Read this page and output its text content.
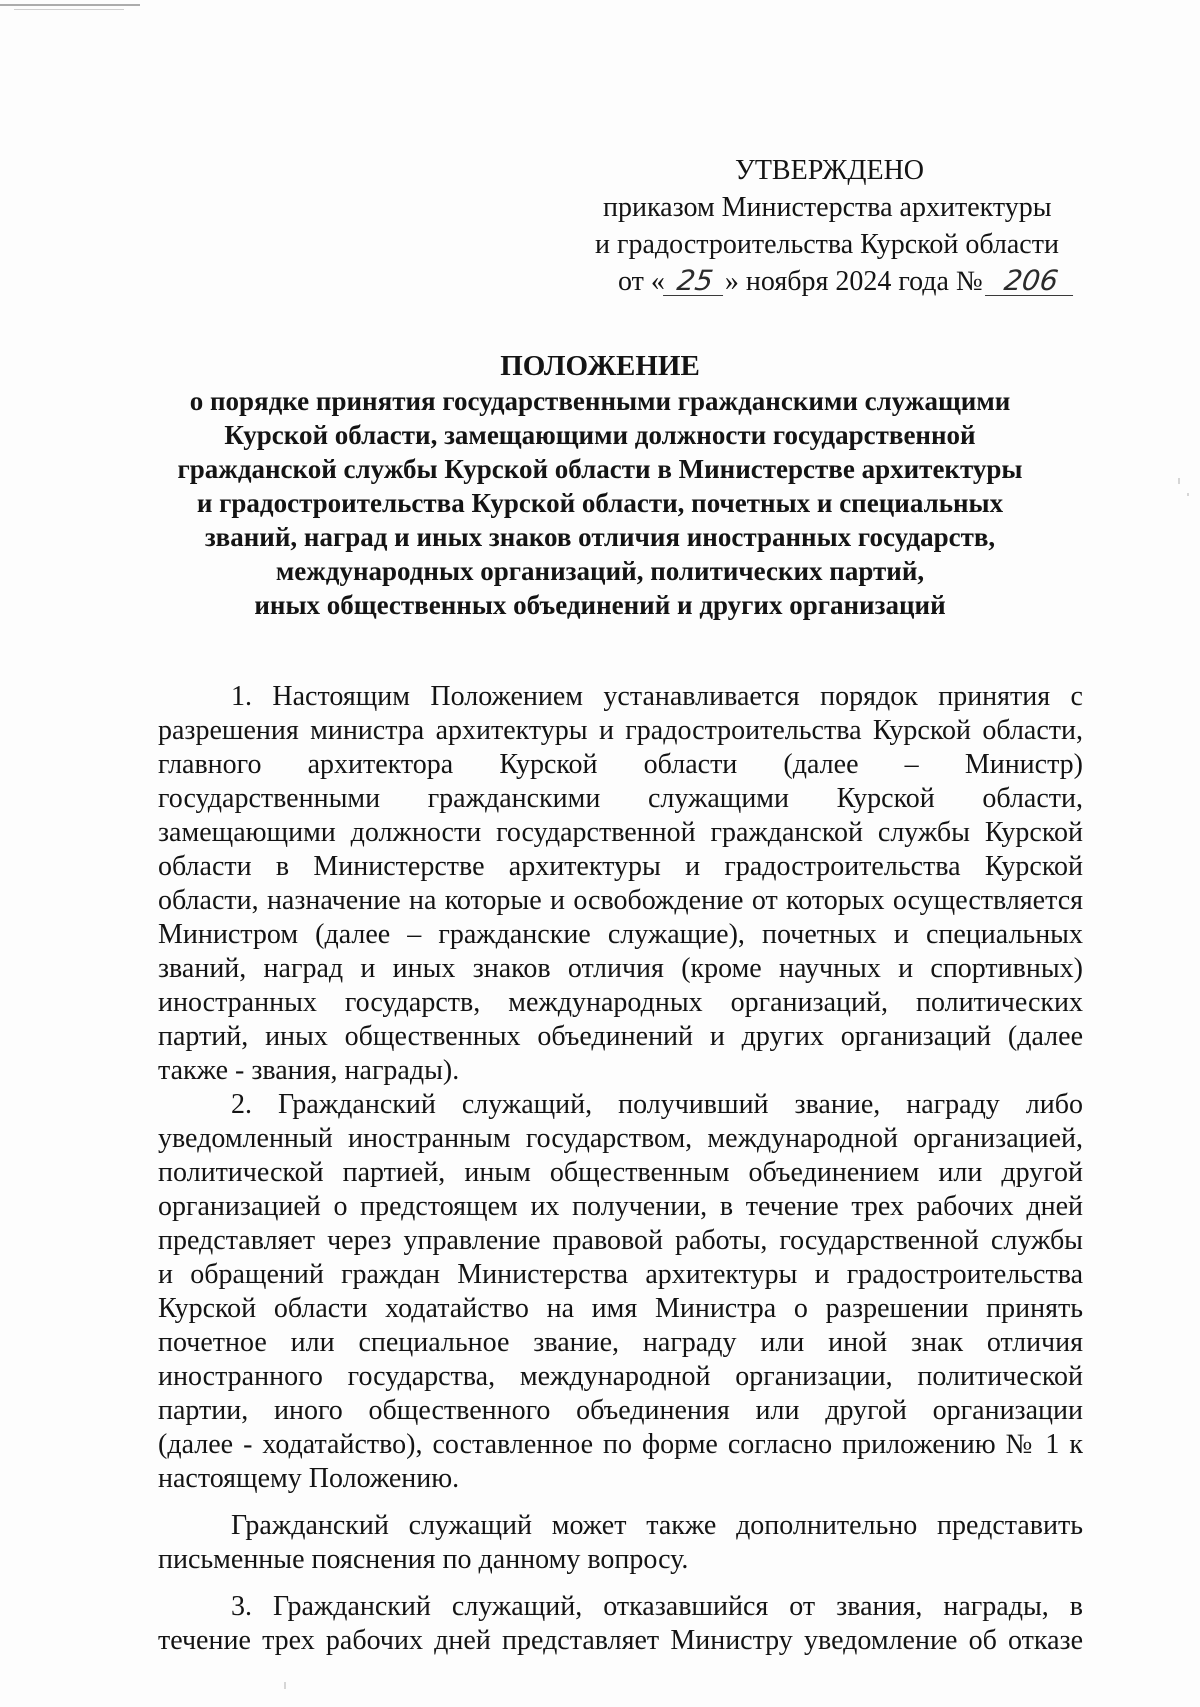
УТВЕРЖДЕНО
приказом Министерства архитектуры
и градостроительства Курской области
от « 25 » ноября 2024 года № 206
ПОЛОЖЕНИЕ
о порядке принятия государственными гражданскими служащими
Курской области, замещающими должности государственной
гражданской службы Курской области в Министерстве архитектуры
и градостроительства Курской области, почетных и специальных
званий, наград и иных знаков отличия иностранных государств,
международных организаций, политических партий,
иных общественных объединений и других организаций
1. Настоящим Положением устанавливается порядок принятия с
разрешения министра архитектуры и градостроительства Курской области,
главного архитектора Курской области (далее – Министр)
государственными гражданскими служащими Курской области,
замещающими должности государственной гражданской службы Курской
области в Министерстве архитектуры и градостроительства Курской
области, назначение на которые и освобождение от которых осуществляется
Министром (далее – гражданские служащие), почетных и специальных
званий, наград и иных знаков отличия (кроме научных и спортивных)
иностранных государств, международных организаций, политических
партий, иных общественных объединений и других организаций (далее
также - звания, награды).
2. Гражданский служащий, получивший звание, награду либо
уведомленный иностранным государством, международной организацией,
политической партией, иным общественным объединением или другой
организацией о предстоящем их получении, в течение трех рабочих дней
представляет через управление правовой работы, государственной службы
и обращений граждан Министерства архитектуры и градостроительства
Курской области ходатайство на имя Министра о разрешении принять
почетное или специальное звание, награду или иной знак отличия
иностранного государства, международной организации, политической
партии, иного общественного объединения или другой организации
(далее - ходатайство), составленное по форме согласно приложению № 1 к
настоящему Положению.
Гражданский служащий может также дополнительно представить
письменные пояснения по данному вопросу.
3. Гражданский служащий, отказавшийся от звания, награды, в
течение трех рабочих дней представляет Министру уведомление об отказе
